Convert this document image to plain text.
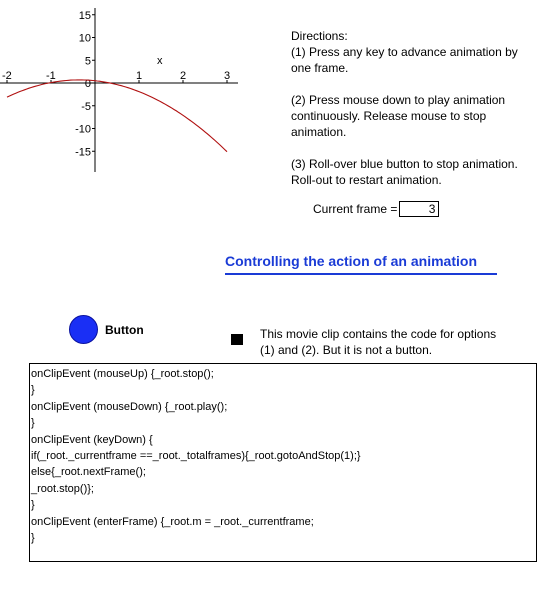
15
10
5
0
-5
-10
-15
-2	-1	1	2	3
x

Directions:

(1) Press any key to advance animation by one frame.

(2) Press mouse down to play animation continuously. Release mouse to stop animation.

(3) Roll-over blue button to stop animation. Roll-out to restart animation.

Current frame =	3
Controlling the action of an animation
Button	This movie clip contains the code for options (1) and (2). But it is not a button.
onClipEvent (mouseUp) {_root.stop();
}
onClipEvent (mouseDown) {_root.play();
}
onClipEvent (keyDown) {
if(_root._currentframe ==_root._totalframes){_root.gotoAndStop(1);}
else{_root.nextFrame();
_root.stop()};
}
onClipEvent (enterFrame) {_root.m = _root._currentframe;
}
